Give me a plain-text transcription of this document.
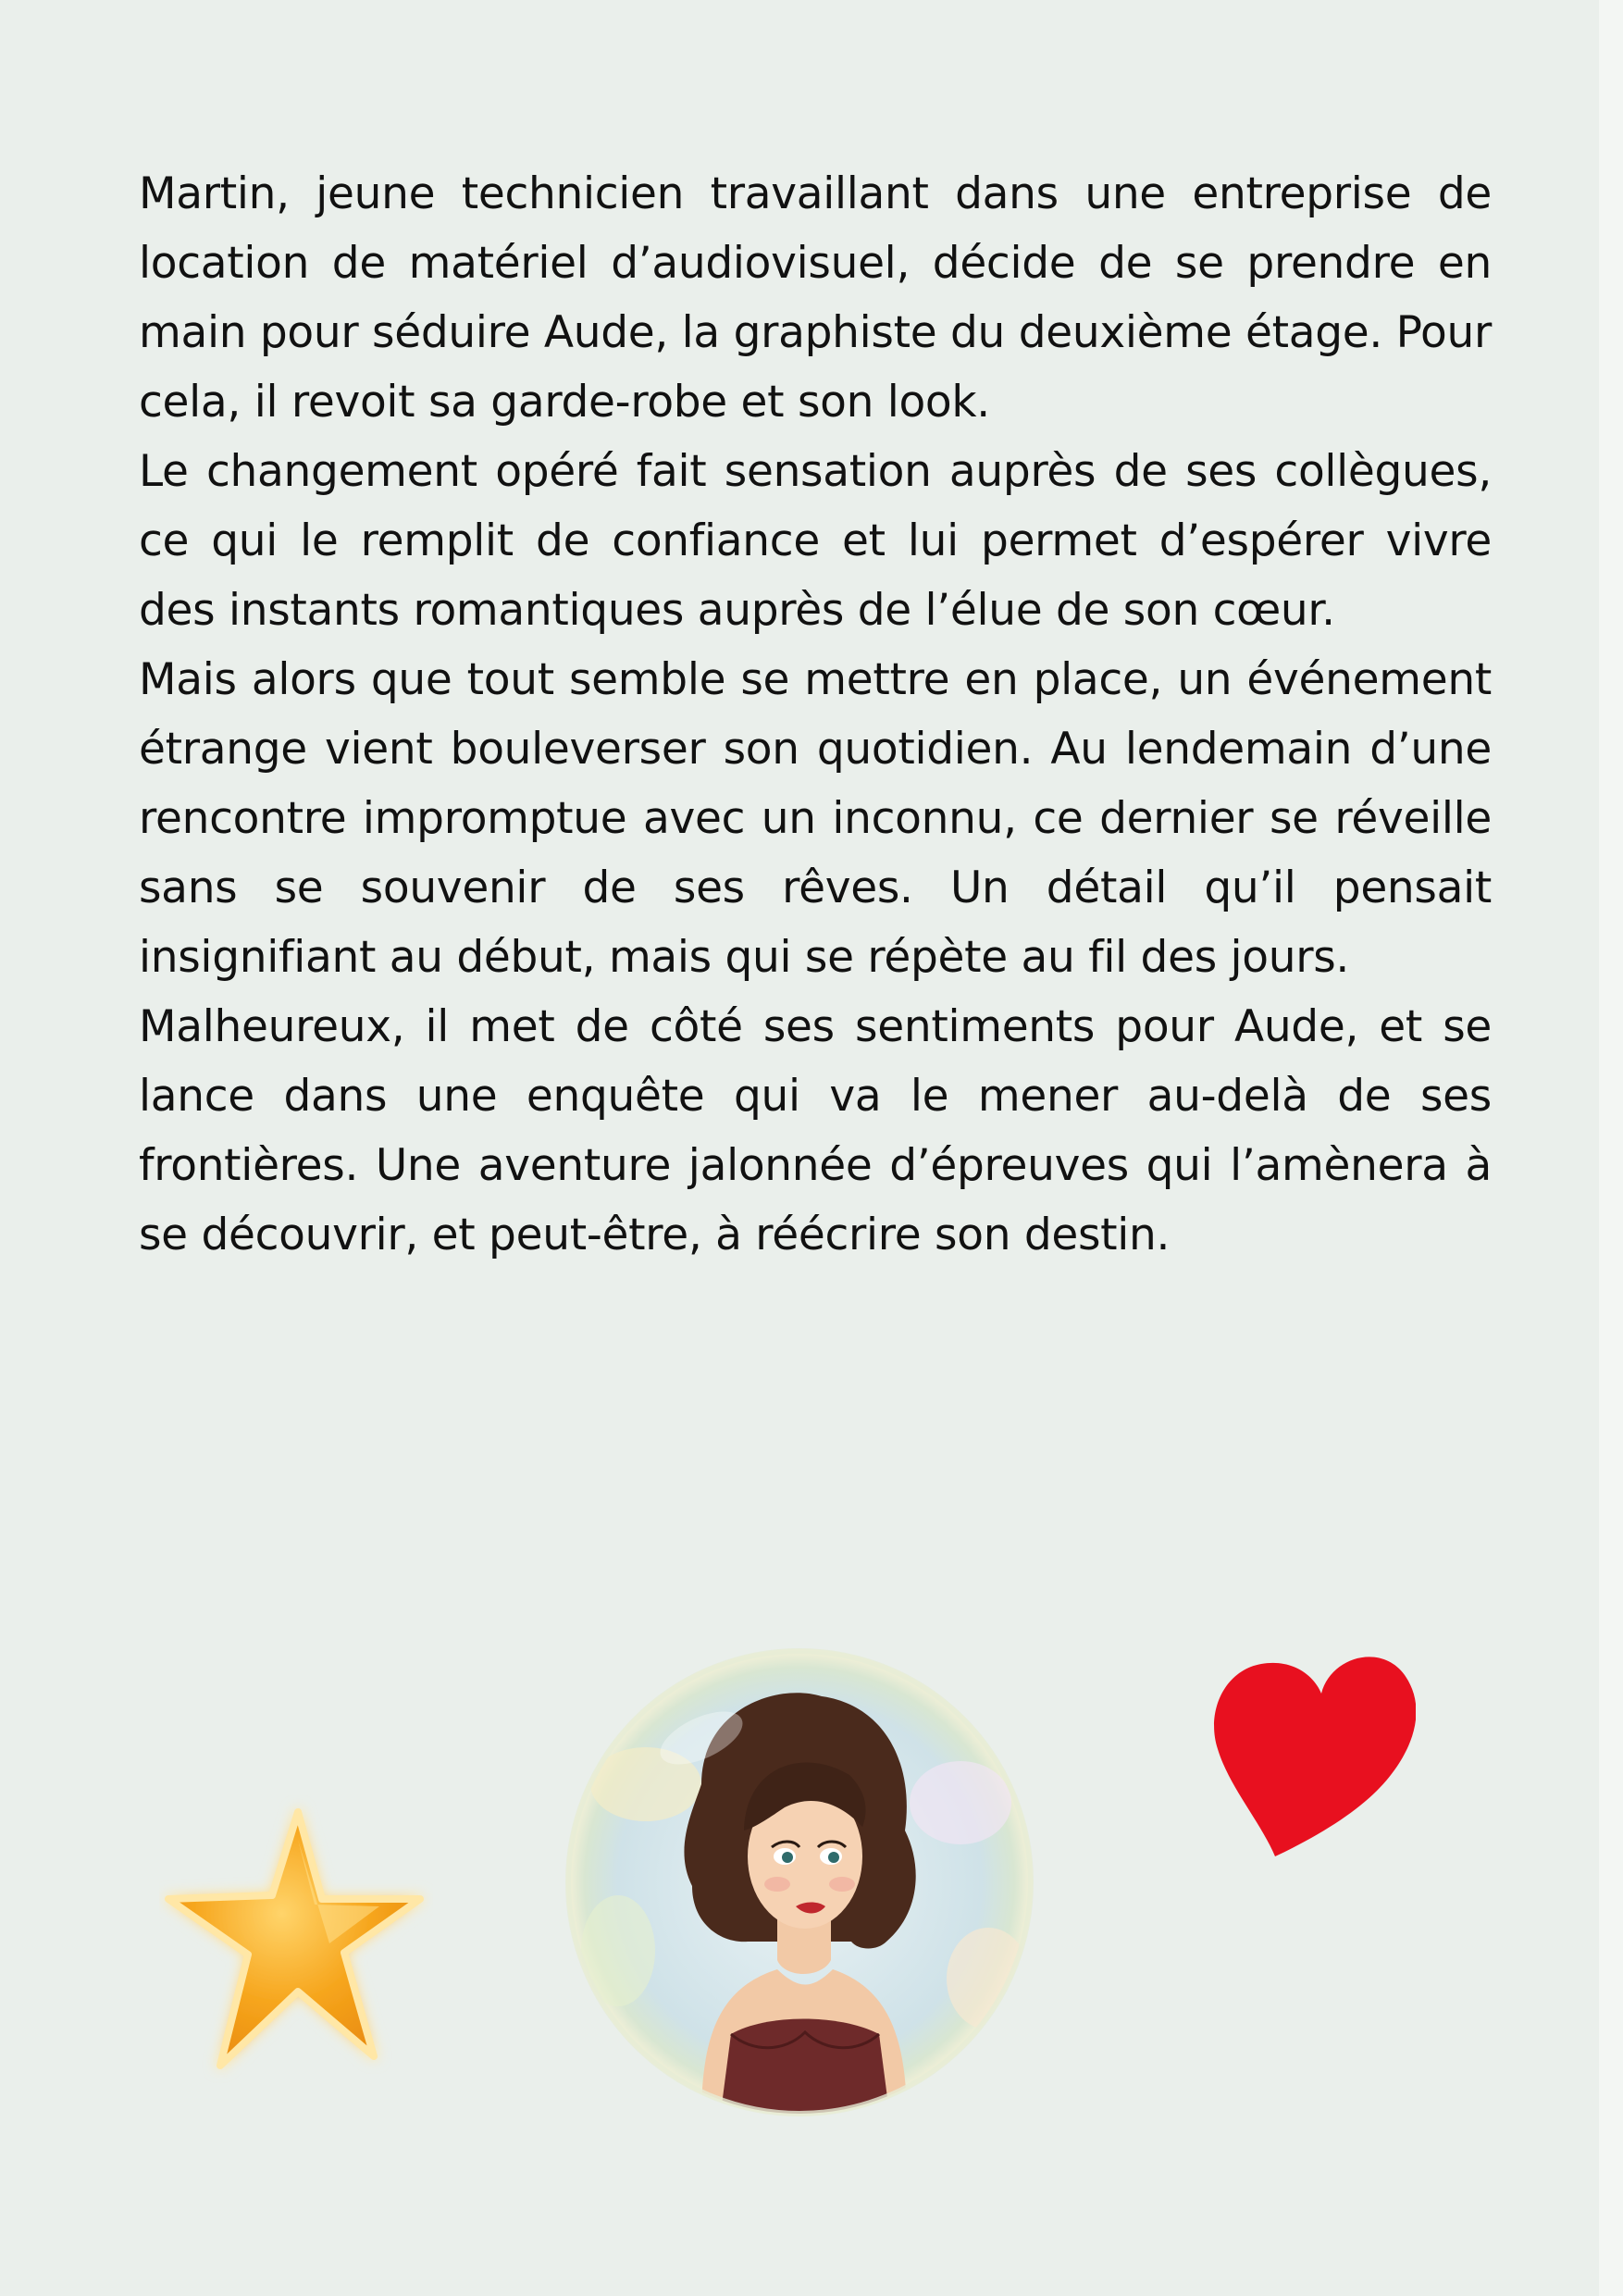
Martin, jeune technicien travaillant dans une entreprise de location de matériel d’audiovisuel, décide de se prendre en main pour séduire Aude, la graphiste du deuxième étage. Pour cela, il revoit sa garde-robe et son look.

Le changement opéré fait sensation auprès de ses collègues, ce qui le remplit de confiance et lui permet d’espérer vivre des instants romantiques auprès de l’élue de son cœur.

Mais alors que tout semble se mettre en place, un événement étrange vient bouleverser son quotidien. Au lendemain d’une rencontre impromptue avec un inconnu, ce dernier se réveille sans se souvenir de ses rêves. Un détail qu’il pensait insignifiant au début, mais qui se répète au fil des jours.

Malheureux, il met de côté ses sentiments pour Aude, et se lance dans une enquête qui va le mener au-delà de ses frontières. Une aventure jalonnée d’épreuves qui l’amènera à se découvrir, et peut-être, à réécrire son destin.
